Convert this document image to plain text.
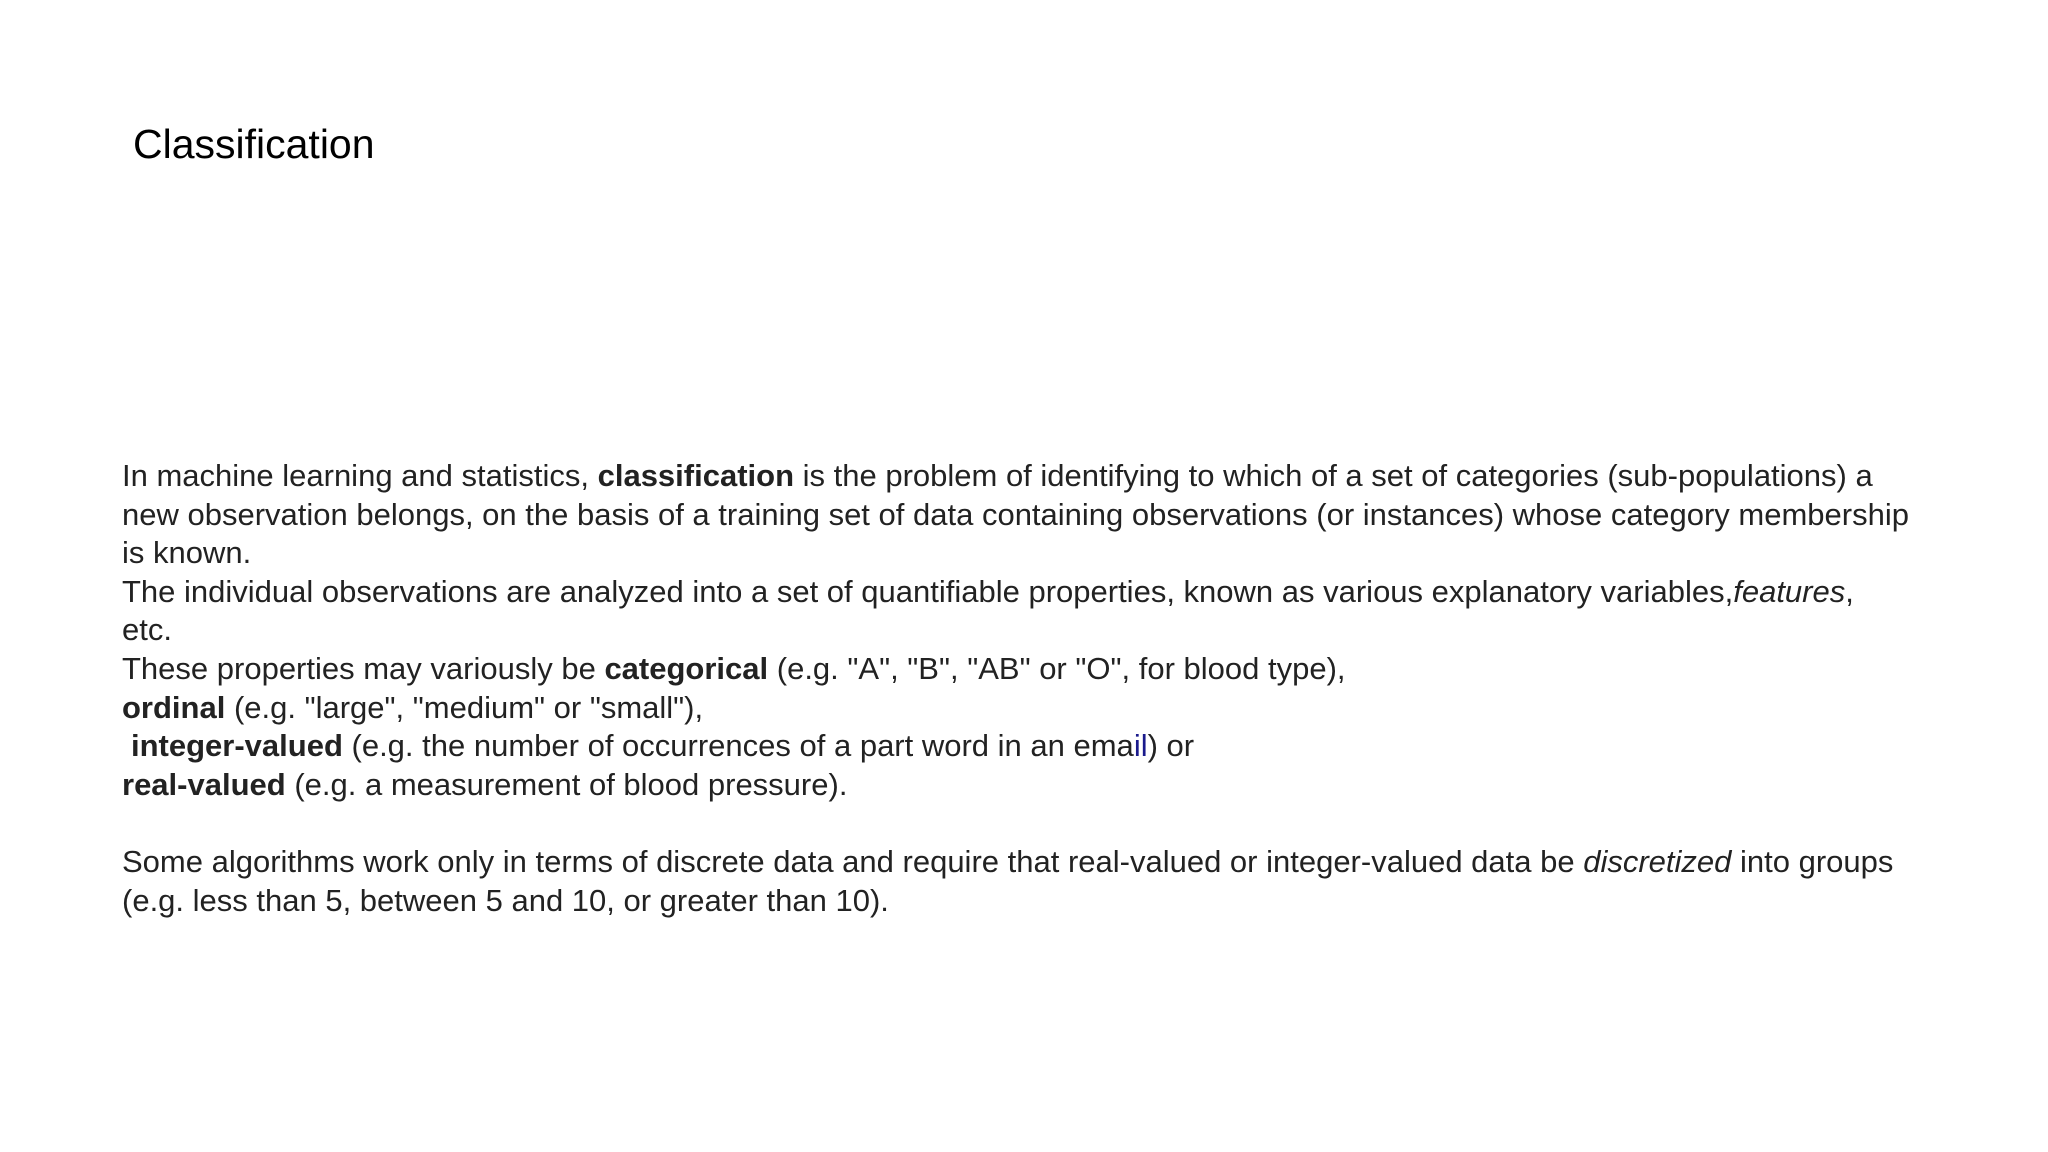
Classification
In machine learning and statistics, classification is the problem of identifying to which of a set of categories (sub-populations) a
new observation belongs, on the basis of a training set of data containing observations (or instances) whose category membership
is known.
The individual observations are analyzed into a set of quantifiable properties, known as various explanatory variables,features,
etc.
These properties may variously be categorical (e.g. "A", "B", "AB" or "O", for blood type),
ordinal (e.g. "large", "medium" or "small"),
integer-valued (e.g. the number of occurrences of a part word in an email) or
real-valued (e.g. a measurement of blood pressure).
Some algorithms work only in terms of discrete data and require that real-valued or integer-valued data be discretized into groups
(e.g. less than 5, between 5 and 10, or greater than 10).
